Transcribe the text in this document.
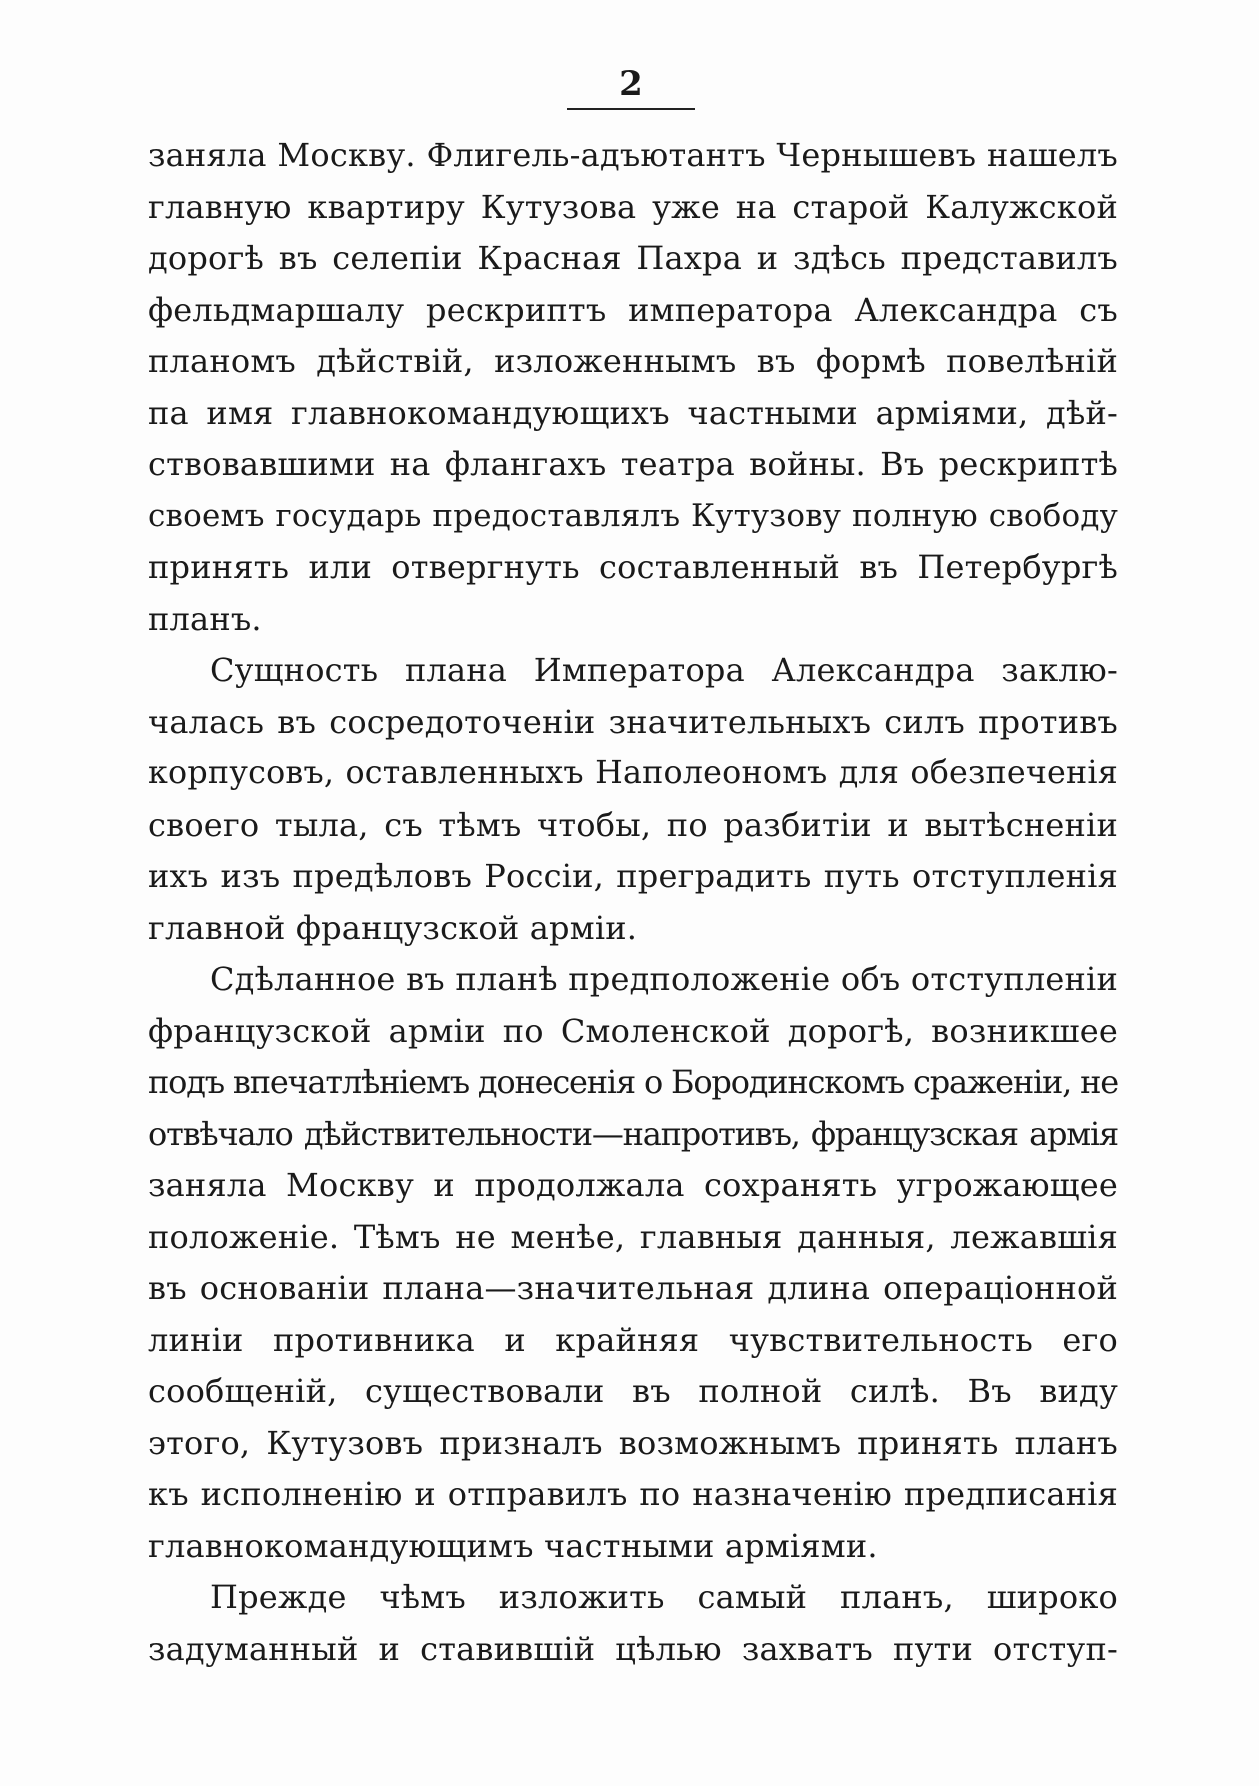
2
заняла Москву. Флигель-адъютантъ Чернышевъ нашелъ
главную квартиру Кутузова уже на старой Калужской
дорогѣ въ селепіи Красная Пахра и здѣсь представилъ
фельдмаршалу рескриптъ императора Александра съ
планомъ дѣйствій, изложеннымъ въ формѣ повелѣній
па имя главнокомандующихъ частными арміями, дѣй-
ствовавшими на флангахъ театра войны. Въ рескриптѣ
своемъ государь предоставлялъ Кутузову полную свободу
принять или отвергнуть составленный въ Петербургѣ
планъ.
Сущность плана Императора Александра заклю-
чалась въ сосредоточеніи значительныхъ силъ противъ
корпусовъ, оставленныхъ Наполеономъ для обезпеченія
своего тыла, съ тѣмъ чтобы, по разбитіи и вытѣсненіи
ихъ изъ предѣловъ Россіи, преградить путь отступленія
главной французской арміи.
Сдѣланное въ планѣ предположеніе объ отступленіи
французской арміи по Смоленской дорогѣ, возникшее
подъ впечатлѣніемъ донесенія о Бородинскомъ сраженіи, не
отвѣчало дѣйствительности—напротивъ, французская армія
заняла Москву и продолжала сохранять угрожающее
положеніе. Тѣмъ не менѣе, главныя данныя, лежавшія
въ основаніи плана—значительная длина операціонной
линіи противника и крайняя чувствительность его
сообщеній, существовали въ полной силѣ. Въ виду
этого, Кутузовъ призналъ возможнымъ принять планъ
къ исполненію и отправилъ по назначенію предписанія
главнокомандующимъ частными арміями.
Прежде чѣмъ изложить самый планъ, широко
задуманный и ставившій цѣлью захватъ пути отступ-
